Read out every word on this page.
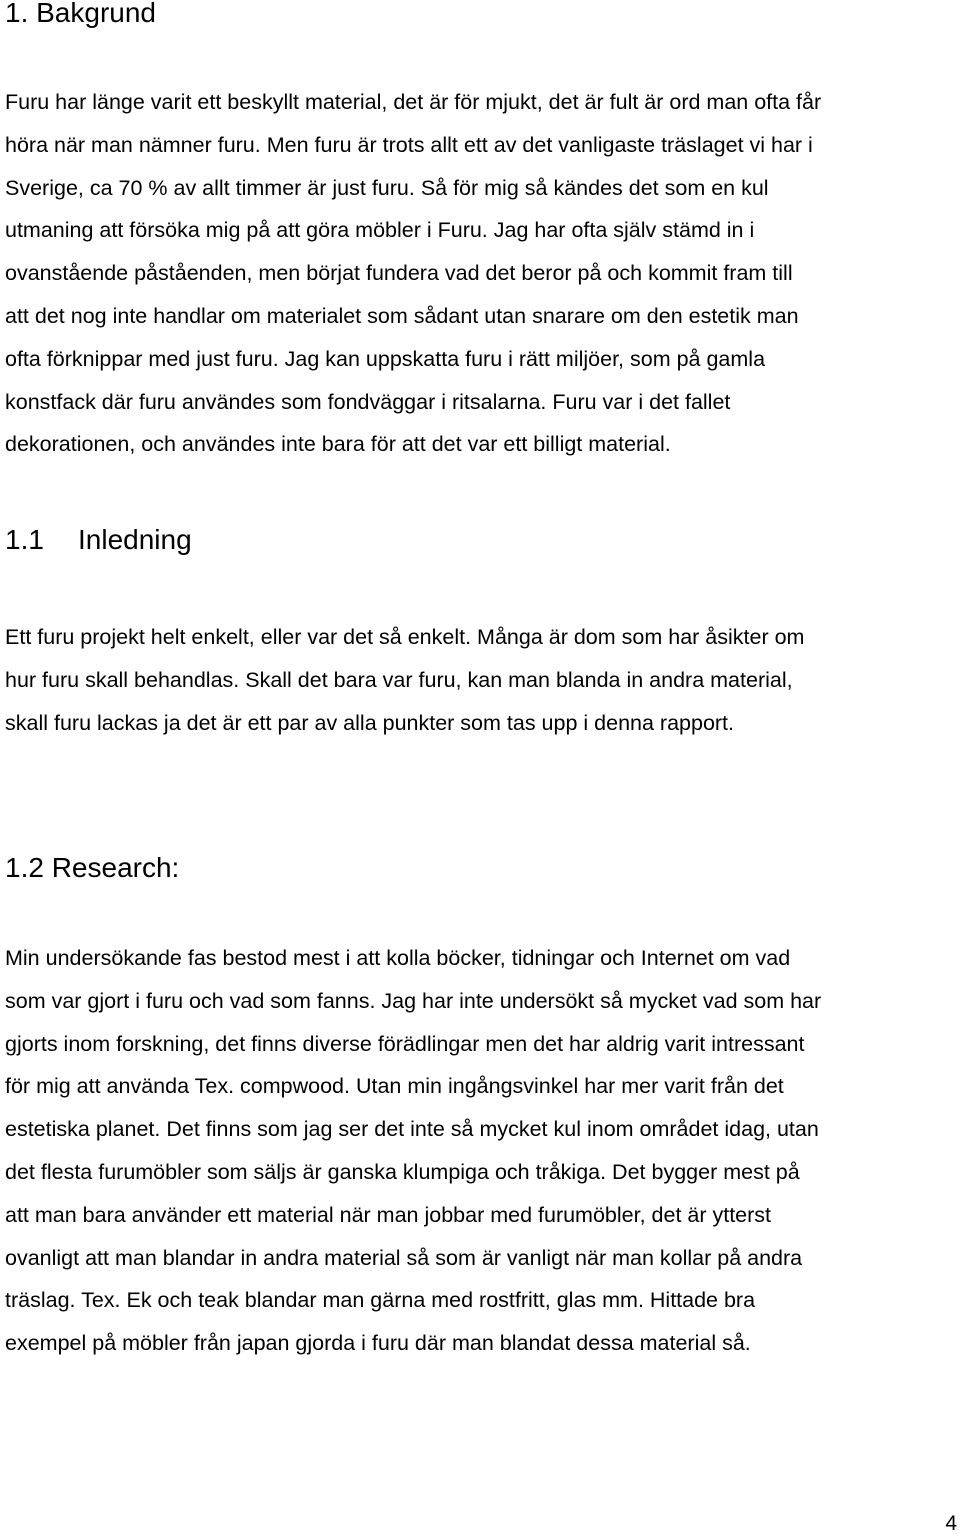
1. Bakgrund

Furu har länge varit ett beskyllt material, det är för mjukt, det är fult är ord man ofta får
höra när man nämner furu. Men furu är trots allt ett av det vanligaste träslaget vi har i
Sverige, ca 70 % av allt timmer är just furu. Så för mig så kändes det som en kul
utmaning att försöka mig på att göra möbler i Furu. Jag har ofta själv stämd in i
ovanstående påståenden, men börjat fundera vad det beror på och kommit fram till
att det nog inte handlar om materialet som sådant utan snarare om den estetik man
ofta förknippar med just furu. Jag kan uppskatta furu i rätt miljöer, som på gamla
konstfack där furu användes som fondväggar i ritsalarna. Furu var i det fallet
dekorationen, och användes inte bara för att det var ett billigt material.

1.1 Inledning

Ett furu projekt helt enkelt, eller var det så enkelt. Många är dom som har åsikter om
hur furu skall behandlas. Skall det bara var furu, kan man blanda in andra material,
skall furu lackas ja det är ett par av alla punkter som tas upp i denna rapport.

1.2 Research:

Min undersökande fas bestod mest i att kolla böcker, tidningar och Internet om vad
som var gjort i furu och vad som fanns. Jag har inte undersökt så mycket vad som har
gjorts inom forskning, det finns diverse förädlingar men det har aldrig varit intressant
för mig att använda Tex. compwood. Utan min ingångsvinkel har mer varit från det
estetiska planet. Det finns som jag ser det inte så mycket kul inom området idag, utan
det flesta furumöbler som säljs är ganska klumpiga och tråkiga. Det bygger mest på
att man bara använder ett material när man jobbar med furumöbler, det är ytterst
ovanligt att man blandar in andra material så som är vanligt när man kollar på andra
träslag. Tex. Ek och teak blandar man gärna med rostfritt, glas mm. Hittade bra
exempel på möbler från japan gjorda i furu där man blandat dessa material så.

4
